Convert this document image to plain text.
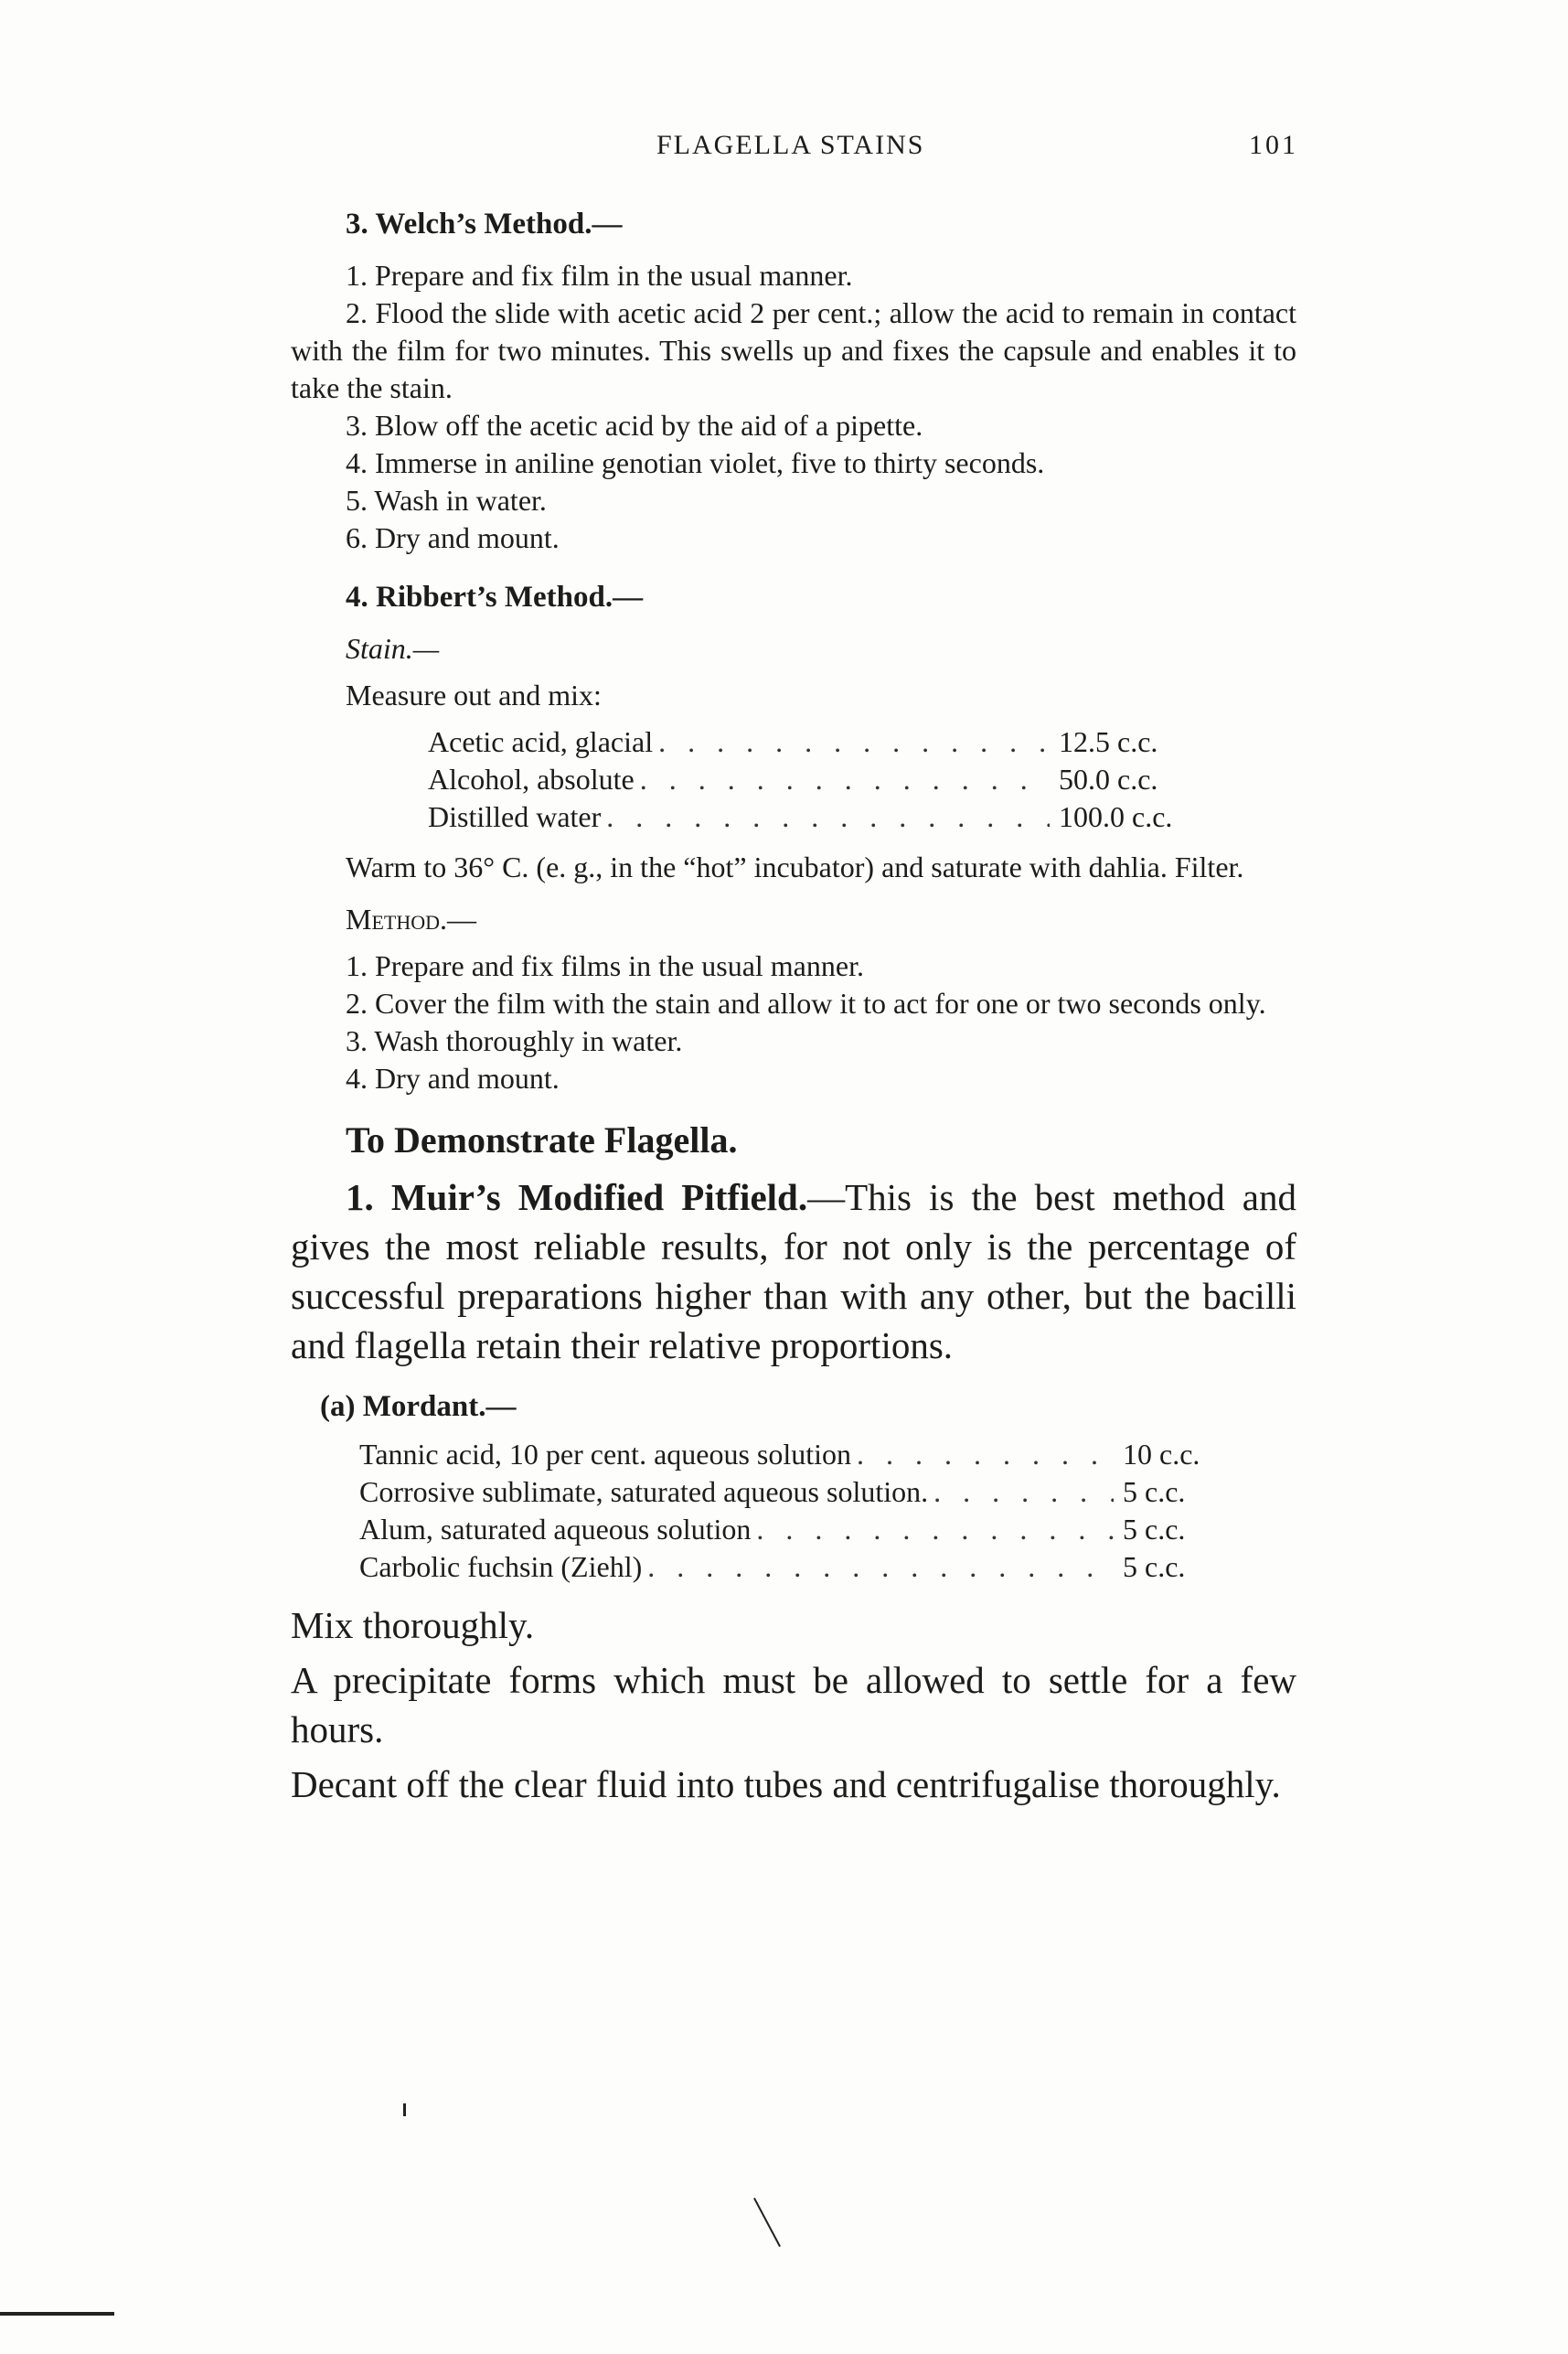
FLAGELLA STAINS	101
3. Welch’s Method.—

1. Prepare and fix film in the usual manner.

2. Flood the slide with acetic acid 2 per cent.; allow the acid to remain in contact with the film for two minutes. This swells up and fixes the capsule and enables it to take the stain.

3. Blow off the acetic acid by the aid of a pipette.

4. Immerse in aniline genotian violet, five to thirty seconds.

5. Wash in water.

6. Dry and mount.

4. Ribbert’s Method.—

Stain.—

Measure out and mix:

Acetic acid, glacial . . .	12.5 c.c.
Alcohol, absolute . . .	50.0 c.c.
Distilled water . . .	100.0 c.c.

Warm to 36° C. (e. g., in the “hot” incubator) and saturate with dahlia. Filter.

Method.—

1. Prepare and fix films in the usual manner.

2. Cover the film with the stain and allow it to act for one or two seconds only.

3. Wash thoroughly in water.

4. Dry and mount.

To Demonstrate Flagella.

1. Muir’s Modified Pitfield.—This is the best method and gives the most reliable results, for not only is the percentage of successful preparations higher than with any other, but the bacilli and flagella retain their relative proportions.

(a) Mordant.—

Tannic acid, 10 per cent. aqueous solution . . .	10 c.c.
Corrosive sublimate, saturated aqueous solution. . . .	5 c.c.
Alum, saturated aqueous solution . . .	5 c.c.
Carbolic fuchsin (Ziehl) . . .	5 c.c.

Mix thoroughly.

A precipitate forms which must be allowed to settle for a few hours.

Decant off the clear fluid into tubes and centrifugalise thoroughly.
